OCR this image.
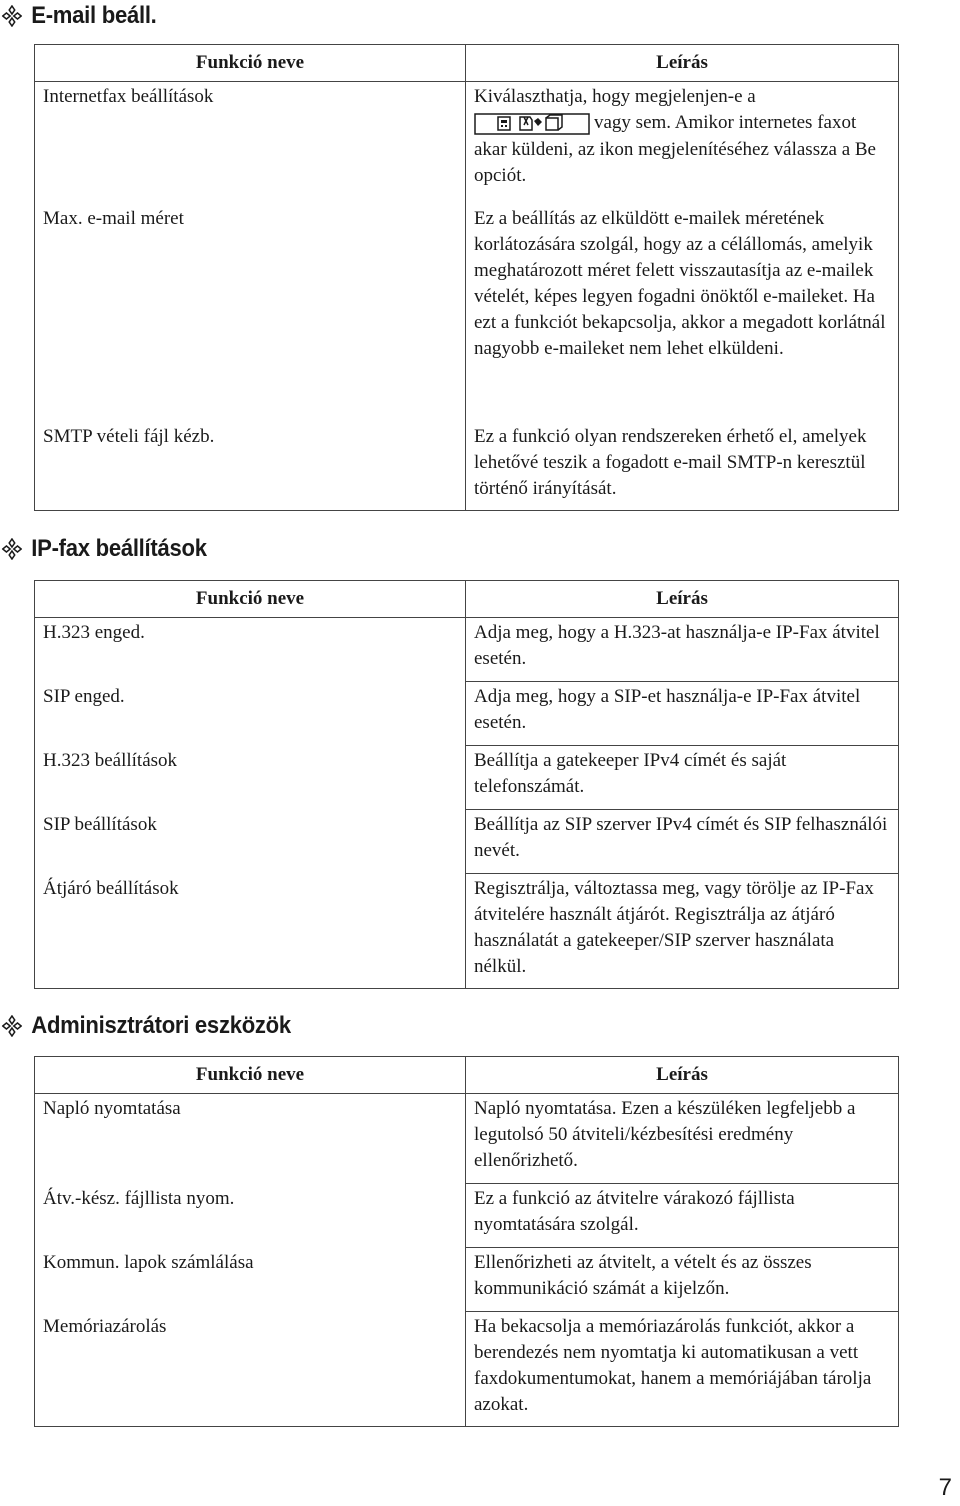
E-mail beáll.
Funkció neve	Leírás
Internetfax beállítások	Kiválaszthatja, hogy megjelenjen-e a
vagy sem. Amikor internetes faxot akar küldeni, az ikon megjelenítéséhez válassza a Be opciót.
Max. e-mail méret	Ez a beállítás az elküldött e-mailek méretének korlátozására szolgál, hogy az a célállomás, amelyik meghatározott méret felett visszautasítja az e-mailek vételét, képes legyen fogadni önöktől e-maileket. Ha ezt a funkciót bekapcsolja, akkor a megadott korlátnál nagyobb e-maileket nem lehet elküldeni.
SMTP vételi fájl kézb.	Ez a funkció olyan rendszereken érhető el, amelyek lehetővé teszik a fogadott e-mail SMTP-n keresztül történő irányítását.
IP-fax beállítások
Funkció neve	Leírás
H.323 enged.	Adja meg, hogy a H.323-at használja-e IP-Fax átvitel esetén.
SIP enged.	Adja meg, hogy a SIP-et használja-e IP-Fax átvitel esetén.
H.323 beállítások	Beállítja a gatekeeper IPv4 címét és saját telefonszámát.
SIP beállítások	Beállítja az SIP szerver IPv4 címét és SIP felhasználói nevét.
Átjáró beállítások	Regisztrálja, változtassa meg, vagy törölje az IP-Fax átvitelére használt átjárót. Regisztrálja az átjáró használatát a gatekeeper/SIP szerver használata nélkül.
Adminisztrátori eszközök
Funkció neve	Leírás
Napló nyomtatása	Napló nyomtatása. Ezen a készüléken legfeljebb a legutolsó 50 átviteli/kézbesítési eredmény ellenőrizhető.
Átv.-kész. fájllista nyom.	Ez a funkció az átvitelre várakozó fájllista nyomtatására szolgál.
Kommun. lapok számlálása	Ellenőrizheti az átvitelt, a vételt és az összes kommunikáció számát a kijelzőn.
Memóriazárolás	Ha bekacsolja a memóriazárolás funkciót, akkor a berendezés nem nyomtatja ki automatikusan a vett faxdokumentumokat, hanem a memóriájában tárolja azokat.
7
